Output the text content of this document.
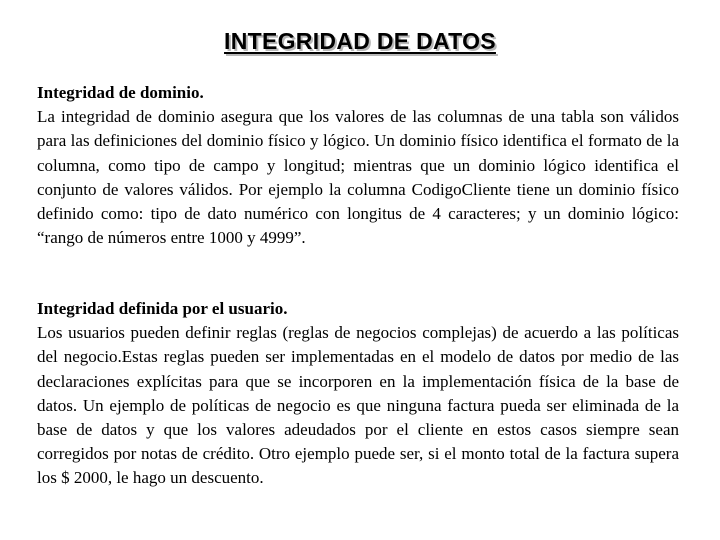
INTEGRIDAD DE DATOS
Integridad de dominio.
La integridad de dominio asegura que los valores de las columnas de una tabla son válidos para las definiciones del dominio físico y lógico. Un dominio físico identifica el formato de la columna, como tipo de campo y longitud; mientras que un dominio lógico identifica el conjunto de valores válidos. Por ejemplo la columna CodigoCliente tiene un dominio físico definido como: tipo de dato numérico con longitus de 4 caracteres; y un dominio lógico: “rango de números entre 1000 y 4999”.
Integridad definida por el usuario.
Los usuarios pueden definir reglas (reglas de negocios complejas) de acuerdo a las políticas del negocio.Estas reglas pueden ser implementadas en el modelo de datos por medio de las declaraciones explícitas para que se incorporen en la implementación física de la base de datos. Un ejemplo de políticas de negocio es que ninguna factura pueda ser eliminada de la base de datos y que los valores adeudados por el cliente en estos casos siempre sean corregidos por notas de crédito. Otro ejemplo puede ser, si el monto total de la factura supera los $ 2000, le hago un descuento.
